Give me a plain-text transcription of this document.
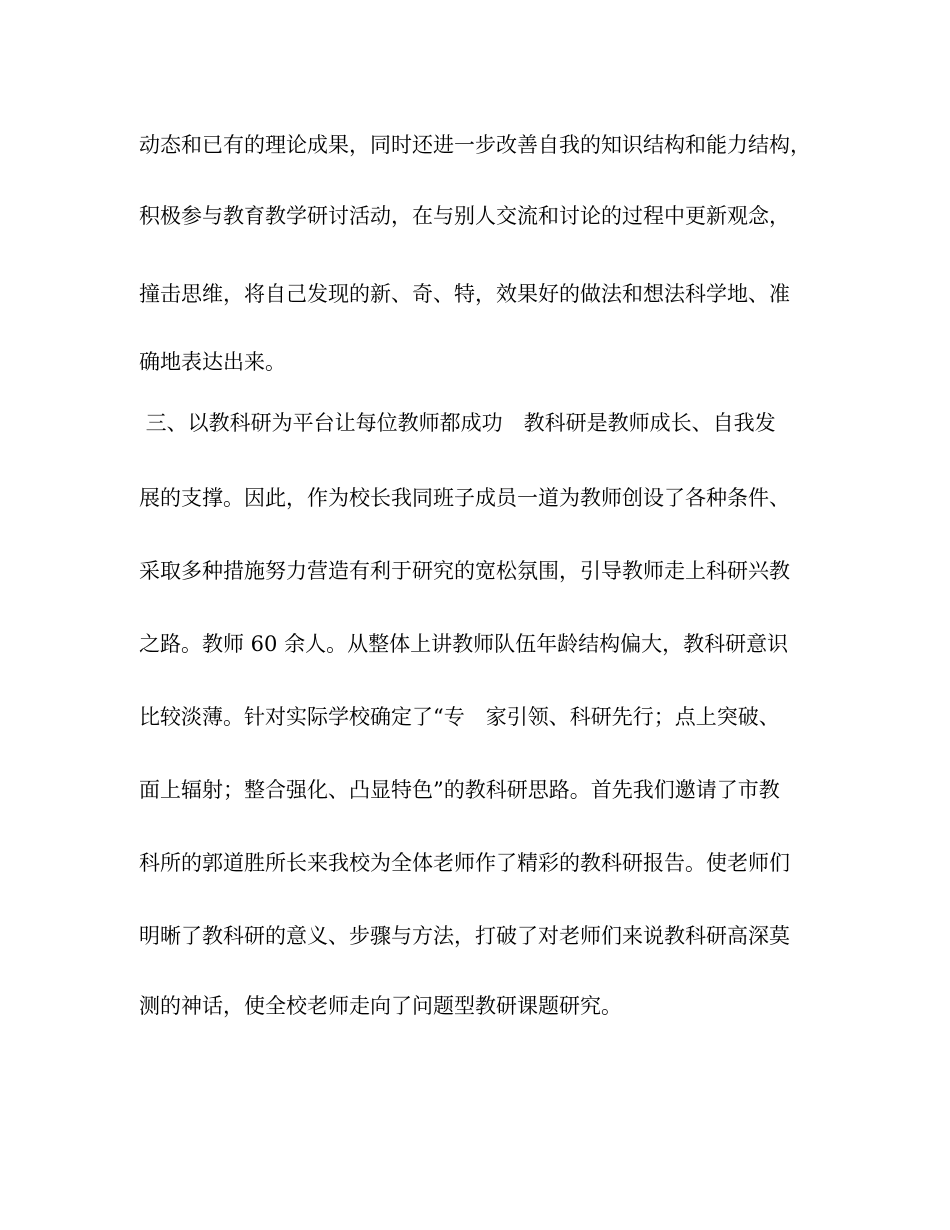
动态和已有的理论成果，同时还进一步改善自我的知识结构和能力结构，
积极参与教育教学研讨活动，在与别人交流和讨论的过程中更新观念，
撞击思维，将自己发现的新、奇、特，效果好的做法和想法科学地、准
确地表达出来。
三、以教科研为平台让每位教师都成功　教科研是教师成长、自我发
展的支撑。因此，作为校长我同班子成员一道为教师创设了各种条件、
采取多种措施努力营造有利于研究的宽松氛围，引导教师走上科研兴教
之路。教师 60 余人。从整体上讲教师队伍年龄结构偏大，教科研意识
比较淡薄。针对实际学校确定了“专　家引领、科研先行；点上突破、
面上辐射；整合强化、凸显特色”的教科研思路。首先我们邀请了市教
科所的郭道胜所长来我校为全体老师作了精彩的教科研报告。使老师们
明晰了教科研的意义、步骤与方法，打破了对老师们来说教科研高深莫
测的神话，使全校老师走向了问题型教研课题研究。
